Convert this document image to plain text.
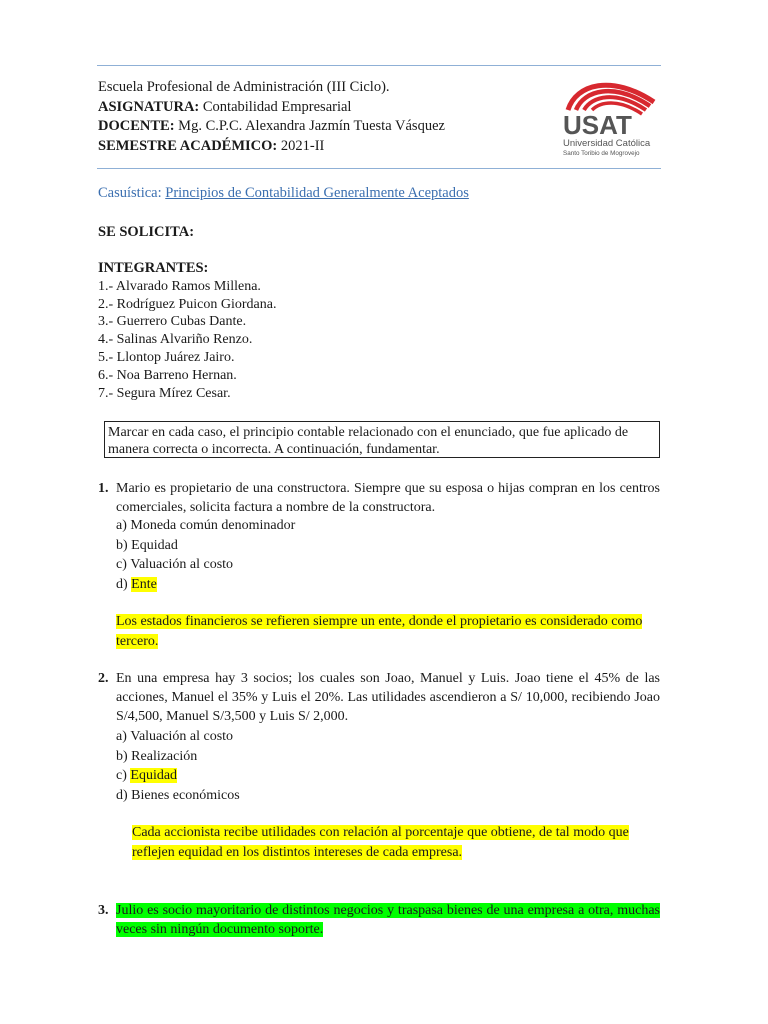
Escuela Profesional de Administración (III Ciclo).
ASIGNATURA: Contabilidad Empresarial
DOCENTE: Mg. C.P.C. Alexandra Jazmín Tuesta Vásquez
SEMESTRE ACADÉMICO: 2021-II
USAT
Universidad Católica
Santo Toribio de Mogrovejo
Casuística: Principios de Contabilidad Generalmente Aceptados
SE SOLICITA:
INTEGRANTES:
1.- Alvarado Ramos Millena.
2.- Rodríguez Puicon Giordana.
3.- Guerrero Cubas Dante.
4.- Salinas Alvariño Renzo.
5.- Llontop Juárez Jairo.
6.- Noa Barreno Hernan.
7.- Segura Mírez Cesar.
Marcar en cada caso, el principio contable relacionado con el enunciado, que fue aplicado de manera correcta o incorrecta. A continuación, fundamentar.
1. Mario es propietario de una constructora. Siempre que su esposa o hijas compran en los centros comerciales, solicita factura a nombre de la constructora.
a) Moneda común denominador
b) Equidad
c) Valuación al costo
d) Ente
Los estados financieros se refieren siempre un ente, donde el propietario es considerado como tercero.
2. En una empresa hay 3 socios; los cuales son Joao, Manuel y Luis. Joao tiene el 45% de las acciones, Manuel el 35% y Luis el 20%. Las utilidades ascendieron a S/ 10,000, recibiendo Joao S/4,500, Manuel S/3,500 y Luis S/ 2,000.
a) Valuación al costo
b) Realización
c) Equidad
d) Bienes económicos
Cada accionista recibe utilidades con relación al porcentaje que obtiene, de tal modo que reflejen equidad en los distintos intereses de cada empresa.
3. Julio es socio mayoritario de distintos negocios y traspasa bienes de una empresa a otra, muchas veces sin ningún documento soporte.
